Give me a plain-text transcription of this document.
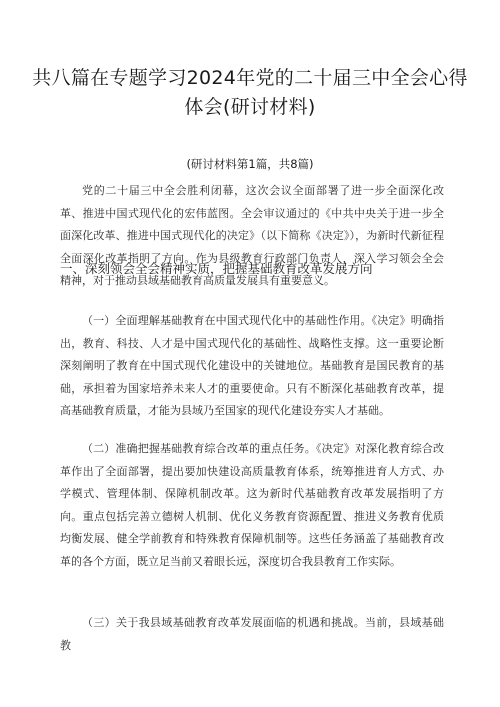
共八篇在专题学习2024年党的二十届三中全会心得体会(研讨材料)
(研讨材料第1篇，共8篇)

党的二十届三中全会胜利闭幕，这次会议全面部署了进一步全面深化改革、推进中国式现代化的宏伟蓝图。全会审议通过的《中共中央关于进一步全面深化改革、推进中国式现代化的决定》（以下简称《决定》），为新时代新征程全面深化改革指明了方向。作为县级教育行政部门负责人，深入学习领会全会精神，对于推动县域基础教育高质量发展具有重要意义。

一、深刻领会全会精神实质，把握基础教育改革发展方向

（一）全面理解基础教育在中国式现代化中的基础性作用。《决定》明确指出，教育、科技、人才是中国式现代化的基础性、战略性支撑。这一重要论断深刻阐明了教育在中国式现代化建设中的关键地位。基础教育是国民教育的基础，承担着为国家培养未来人才的重要使命。只有不断深化基础教育改革，提高基础教育质量，才能为县域乃至国家的现代化建设夯实人才基础。

（二）准确把握基础教育综合改革的重点任务。《决定》对深化教育综合改革作出了全面部署，提出要加快建设高质量教育体系，统筹推进育人方式、办学模式、管理体制、保障机制改革。这为新时代基础教育改革发展指明了方向。重点包括完善立德树人机制、优化义务教育资源配置、推进义务教育优质均衡发展、健全学前教育和特殊教育保障机制等。这些任务涵盖了基础教育改革的各个方面，既立足当前又着眼长远，深度切合我县教育工作实际。

（三）关于我县域基础教育改革发展面临的机遇和挑战。当前，县域基础教
